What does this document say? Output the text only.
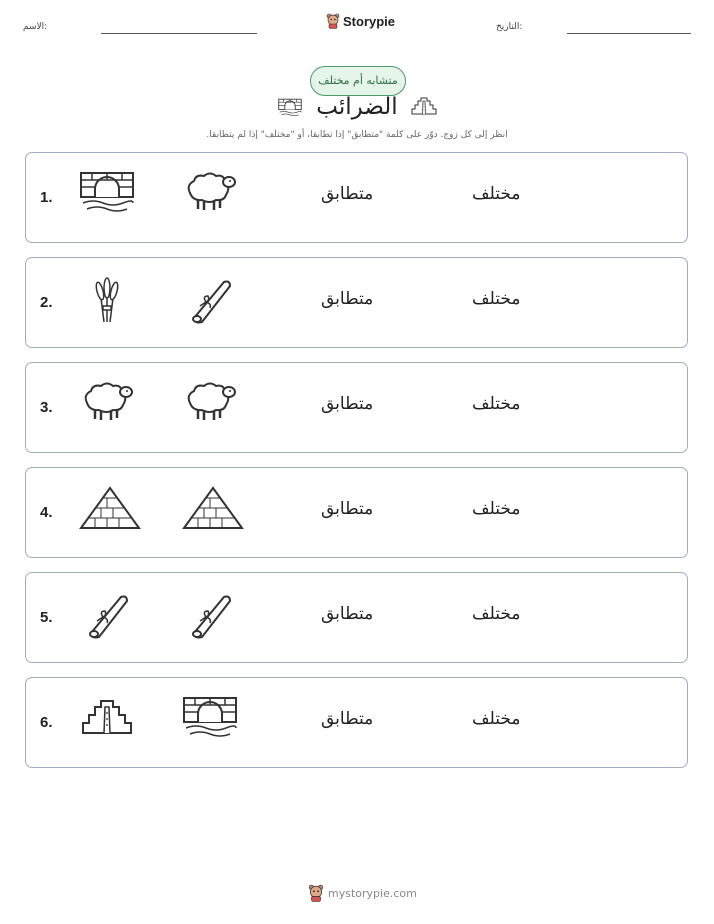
الاسم:	Storypie	التاريخ:
متشابه أم مختلف
الضرائب
انظر إلى كل زوج. دوّر على كلمة "متطابق" إذا تطابقا، أو "مختلف" إذا لم يتطابقا.
1.	متطابق	مختلف
2.	متطابق	مختلف
3.	متطابق	مختلف
4.	متطابق	مختلف
5.	متطابق	مختلف
6.	متطابق	مختلف
mystorypie.com
